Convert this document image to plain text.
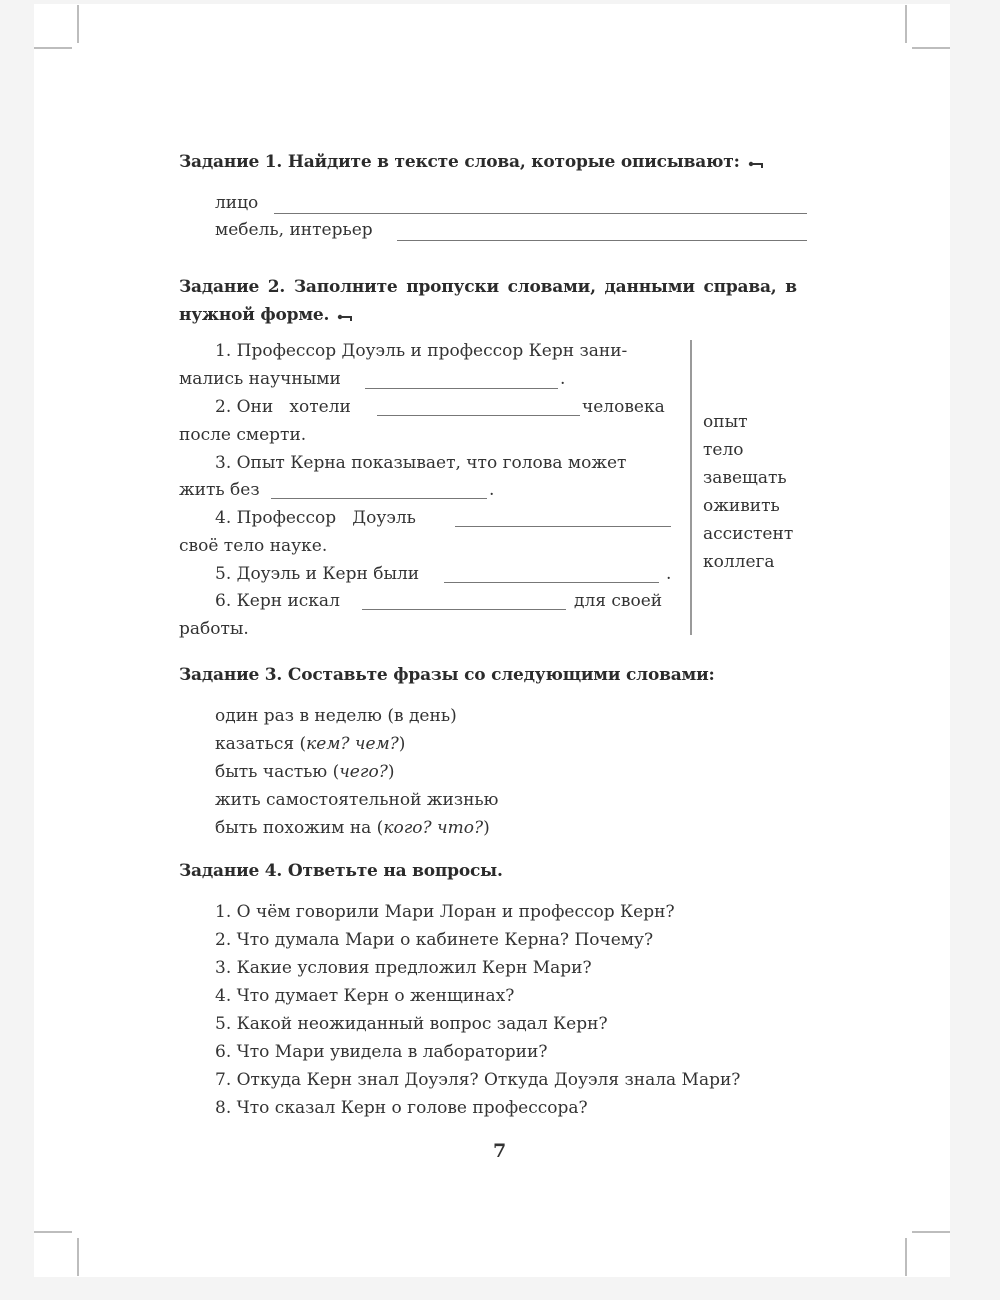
Задание 1. Найдите в тексте слова, которые описывают:
лицо
мебель, интерьер
Задание 2. Заполните пропуски словами, данными справа, в
нужной форме.
1. Профессор Доуэль и профессор Керн зани-
мались научными	.
2. Они   хотели	человека
после смерти.
3. Опыт Керна показывает, что голова может
жить без	.
4. Профессор   Доуэль
своё тело науке.
5. Доуэль и Керн были	.
6. Керн искал	для своей
работы.
опыт
тело
завещать
оживить
ассистент
коллега
Задание 3. Составьте фразы со следующими словами:
один раз в неделю (в день)
казаться (кем? чем?)
быть частью (чего?)
жить самостоятельной жизнью
быть похожим на (кого? что?)
Задание 4. Ответьте на вопросы.
1. О чём говорили Мари Лоран и профессор Керн?
2. Что думала Мари о кабинете Керна? Почему?
3. Какие условия предложил Керн Мари?
4. Что думает Керн о женщинах?
5. Какой неожиданный вопрос задал Керн?
6. Что Мари увидела в лаборатории?
7. Откуда Керн знал Доуэля? Откуда Доуэля знала Мари?
8. Что сказал Керн о голове профессора?
7
